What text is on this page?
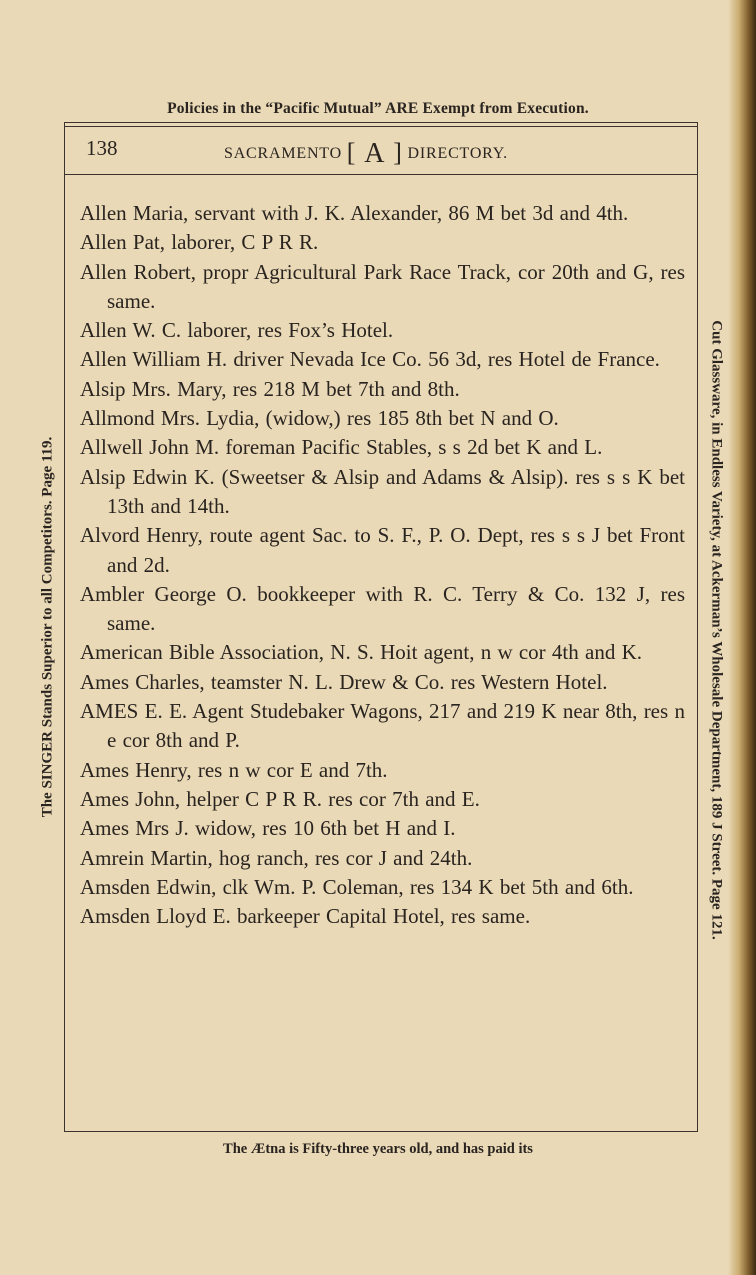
Policies in the “Pacific Mutual” ARE Exempt from Execution.
138	SACRAMENTO [ A ] DIRECTORY.
Allen Maria, servant with J. K. Alexander, 86 M bet 3d and 4th.
Allen Pat, laborer, C P R R.
Allen Robert, propr Agricultural Park Race Track, cor 20th and G, res same.
Allen W. C. laborer, res Fox’s Hotel.
Allen William H. driver Nevada Ice Co. 56 3d, res Hotel de France.
Alsip Mrs. Mary, res 218 M bet 7th and 8th.
Allmond Mrs. Lydia, (widow,) res 185 8th bet N and O.
Allwell John M. foreman Pacific Stables, s s 2d bet K and L.
Alsip Edwin K. (Sweetser & Alsip and Adams & Alsip). res s s K bet 13th and 14th.
Alvord Henry, route agent Sac. to S. F., P. O. Dept, res s s J bet Front and 2d.
Ambler George O. bookkeeper with R. C. Terry & Co. 132 J, res same.
American Bible Association, N. S. Hoit agent, n w cor 4th and K.
Ames Charles, teamster N. L. Drew & Co. res Western Hotel.
AMES E. E. Agent Studebaker Wagons, 217 and 219 K near 8th, res n e cor 8th and P.
Ames Henry, res n w cor E and 7th.
Ames John, helper C P R R. res cor 7th and E.
Ames Mrs J. widow, res 10 6th bet H and I.
Amrein Martin, hog ranch, res cor J and 24th.
Amsden Edwin, clk Wm. P. Coleman, res 134 K bet 5th and 6th.
Amsden Lloyd E. barkeeper Capital Hotel, res same.
The Ætna is Fifty-three years old, and has paid its
The SINGER Stands Superior to all Competitors. Page 119.	Cut Glassware, in Endless Variety, at Ackerman’s Wholesale Department, 189 J Street. Page 121.
